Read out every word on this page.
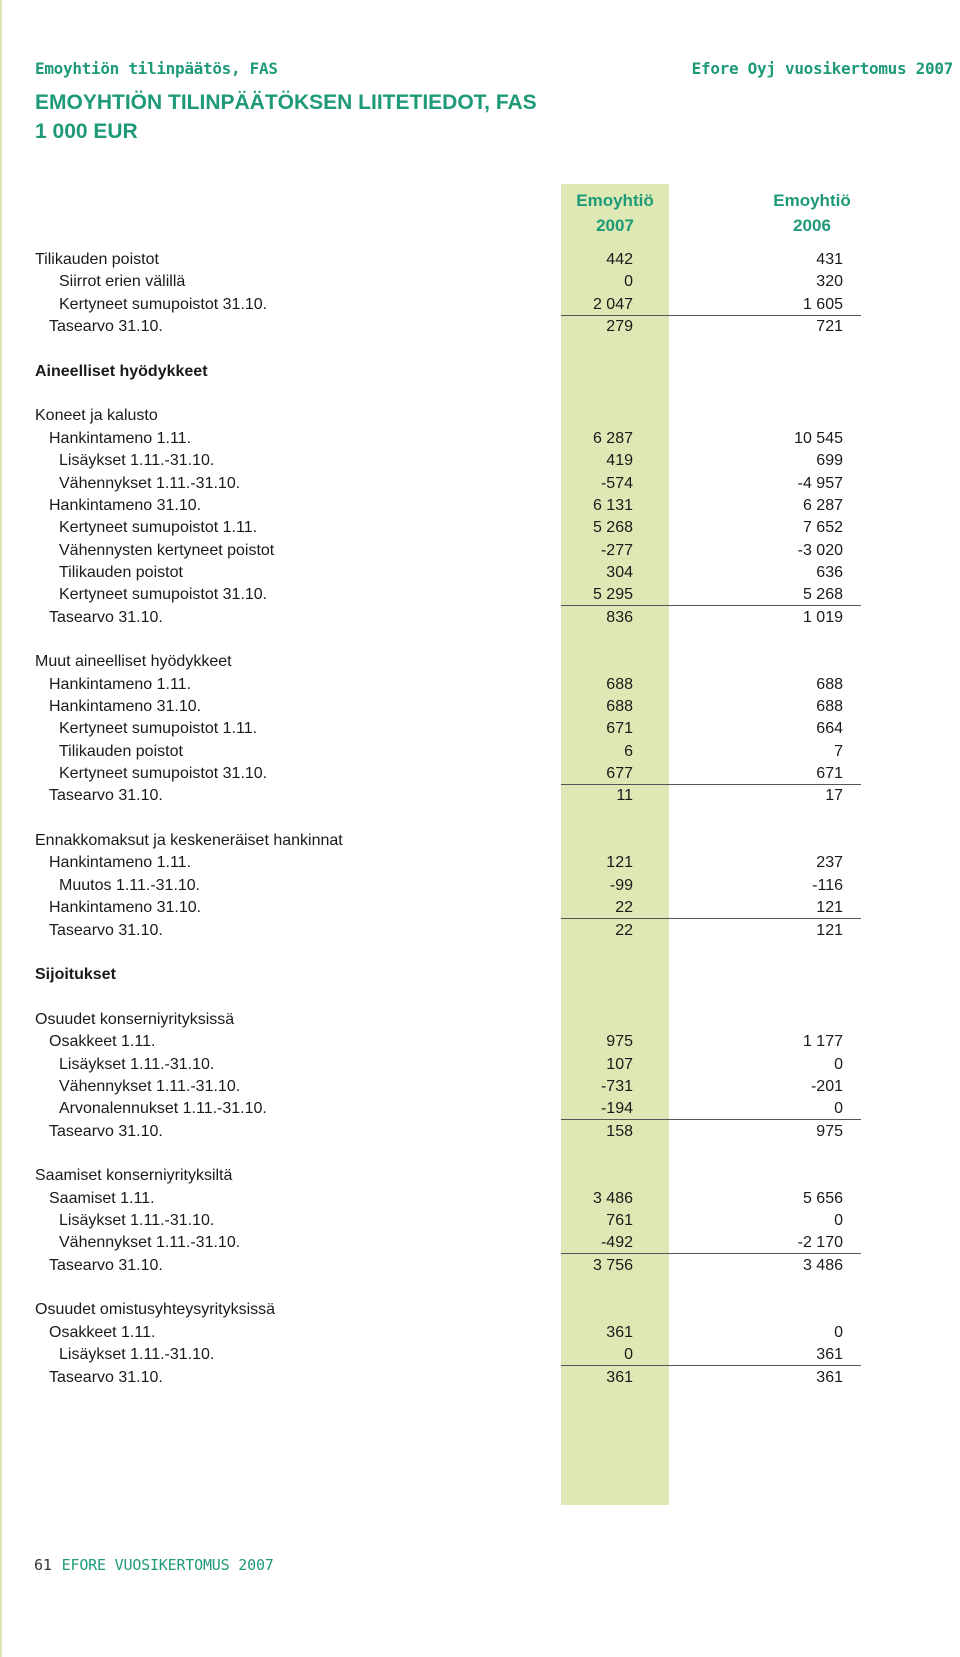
Emoyhtiön tilinpäätös, FAS	Efore Oyj vuosikertomus 2007
EMOYHTIÖN TILINPÄÄTÖKSEN LIITETIEDOT, FAS
1 000 EUR
Emoyhtiö
2007
Emoyhtiö
2006
Tilikauden poistot	442	431
Siirrot erien välillä	0	320
Kertyneet sumupoistot 31.10.	2 047	1 605
Tasearvo 31.10.	279	721
Aineelliset hyödykkeet
Koneet ja kalusto
Hankintameno 1.11.	6 287	10 545
Lisäykset 1.11.-31.10.	419	699
Vähennykset 1.11.-31.10.	-574	-4 957
Hankintameno 31.10.	6 131	6 287
Kertyneet sumupoistot 1.11.	5 268	7 652
Vähennysten kertyneet poistot	-277	-3 020
Tilikauden poistot	304	636
Kertyneet sumupoistot 31.10.	5 295	5 268
Tasearvo 31.10.	836	1 019
Muut aineelliset hyödykkeet
Hankintameno 1.11.	688	688
Hankintameno 31.10.	688	688
Kertyneet sumupoistot 1.11.	671	664
Tilikauden poistot	6	7
Kertyneet sumupoistot 31.10.	677	671
Tasearvo 31.10.	11	17
Ennakkomaksut ja keskeneräiset hankinnat
Hankintameno 1.11.	121	237
Muutos 1.11.-31.10.	-99	-116
Hankintameno 31.10.	22	121
Tasearvo 31.10.	22	121
Sijoitukset
Osuudet konserniyrityksissä
Osakkeet 1.11.	975	1 177
Lisäykset 1.11.-31.10.	107	0
Vähennykset 1.11.-31.10.	-731	-201
Arvonalennukset 1.11.-31.10.	-194	0
Tasearvo 31.10.	158	975
Saamiset konserniyrityksiltä
Saamiset 1.11.	3 486	5 656
Lisäykset 1.11.-31.10.	761	0
Vähennykset 1.11.-31.10.	-492	-2 170
Tasearvo 31.10.	3 756	3 486
Osuudet omistusyhteysyrityksissä
Osakkeet 1.11.	361	0
Lisäykset 1.11.-31.10.	0	361
Tasearvo 31.10.	361	361
61 EFORE VUOSIKERTOMUS 2007
